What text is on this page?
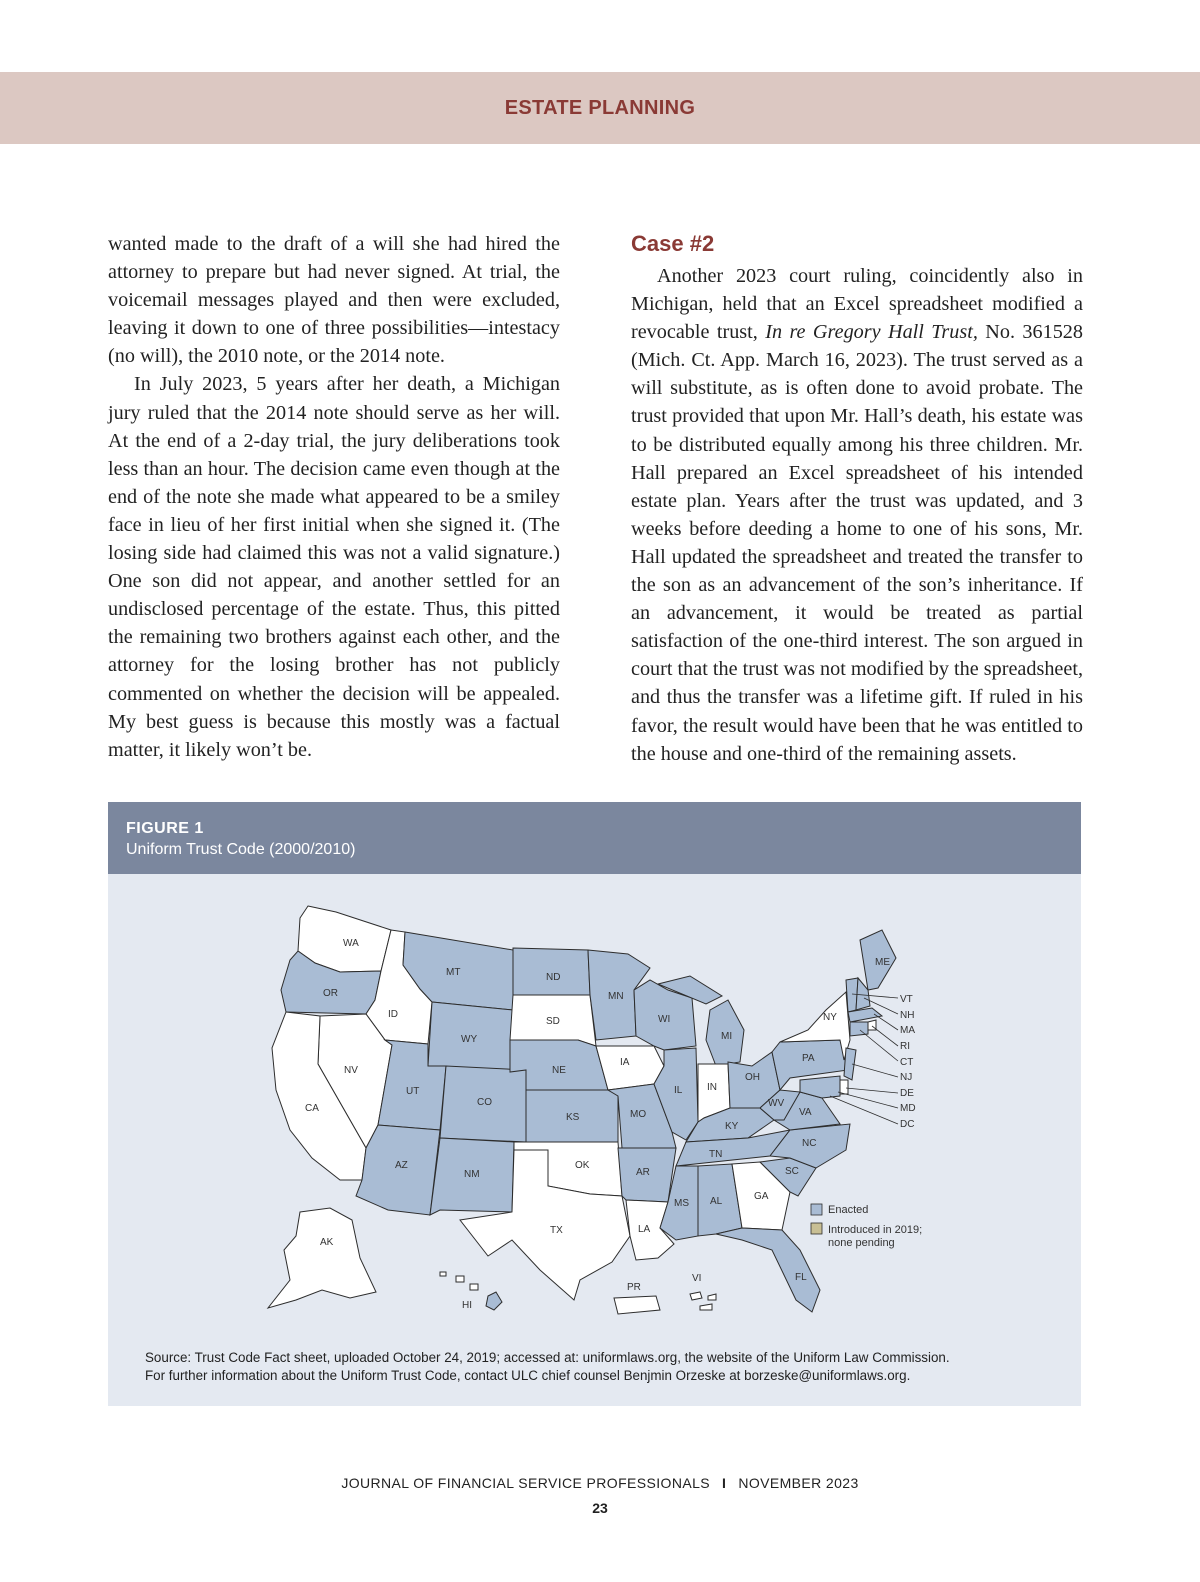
ESTATE PLANNING

wanted made to the draft of a will she had hired the attorney to prepare but had never signed. At trial, the voicemail messages played and then were excluded, leaving it down to one of three possibilities—intestacy (no will), the 2010 note, or the 2014 note.

In July 2023, 5 years after her death, a Michigan jury ruled that the 2014 note should serve as her will. At the end of a 2-day trial, the jury deliberations took less than an hour. The decision came even though at the end of the note she made what appeared to be a smiley face in lieu of her first initial when she signed it. (The losing side had claimed this was not a valid signature.) One son did not appear, and another settled for an undisclosed percentage of the estate. Thus, this pitted the remaining two brothers against each other, and the attorney for the losing brother has not publicly commented on whether the decision will be appealed. My best guess is because this mostly was a factual matter, it likely won’t be.

Case #2

Another 2023 court ruling, coincidently also in Michigan, held that an Excel spreadsheet modified a revocable trust, In re Gregory Hall Trust, No. 361528 (Mich. Ct. App. March 16, 2023). The trust served as a will substitute, as is often done to avoid probate. The trust provided that upon Mr. Hall’s death, his estate was to be distributed equally among his three children. Mr. Hall prepared an Excel spreadsheet of his intended estate plan. Years after the trust was updated, and 3 weeks before deeding a home to one of his sons, Mr. Hall updated the spreadsheet and treated the transfer to the son as an advancement of the son’s inheritance. If an advancement, it would be treated as partial satisfaction of the one-third interest. The son argued in court that the trust was not modified by the spreadsheet, and thus the transfer was a lifetime gift. If ruled in his favor, the result would have been that he was entitled to the house and one-third of the remaining assets.

FIGURE 1
Uniform Trust Code (2000/2010)
WA
OR
ID
MT
WY
NV
CA
UT
CO
AZ
NM
ND
SD
NE
KS
OK
TX
MN
IA
MO
AR
LA
WI
IL
MI
IN
OH
KY
TN
MS AL	GA
FL
SC
NC
VA
WV
PA
NY
ME
AK
HI
PR
VI
VT
NH
MA
RI
CT
NJ
DE
MD
DC
Enacted
Introduced in 2019;
none pending
Source: Trust Code Fact sheet, uploaded October 24, 2019; accessed at: uniformlaws.org, the website of the Uniform Law Commission.
For further information about the Uniform Trust Code, contact ULC chief counsel Benjmin Orzeske at borzeske@uniformlaws.org.
JOURNAL OF FINANCIAL SERVICE PROFESSIONALS I NOVEMBER 2023
23
